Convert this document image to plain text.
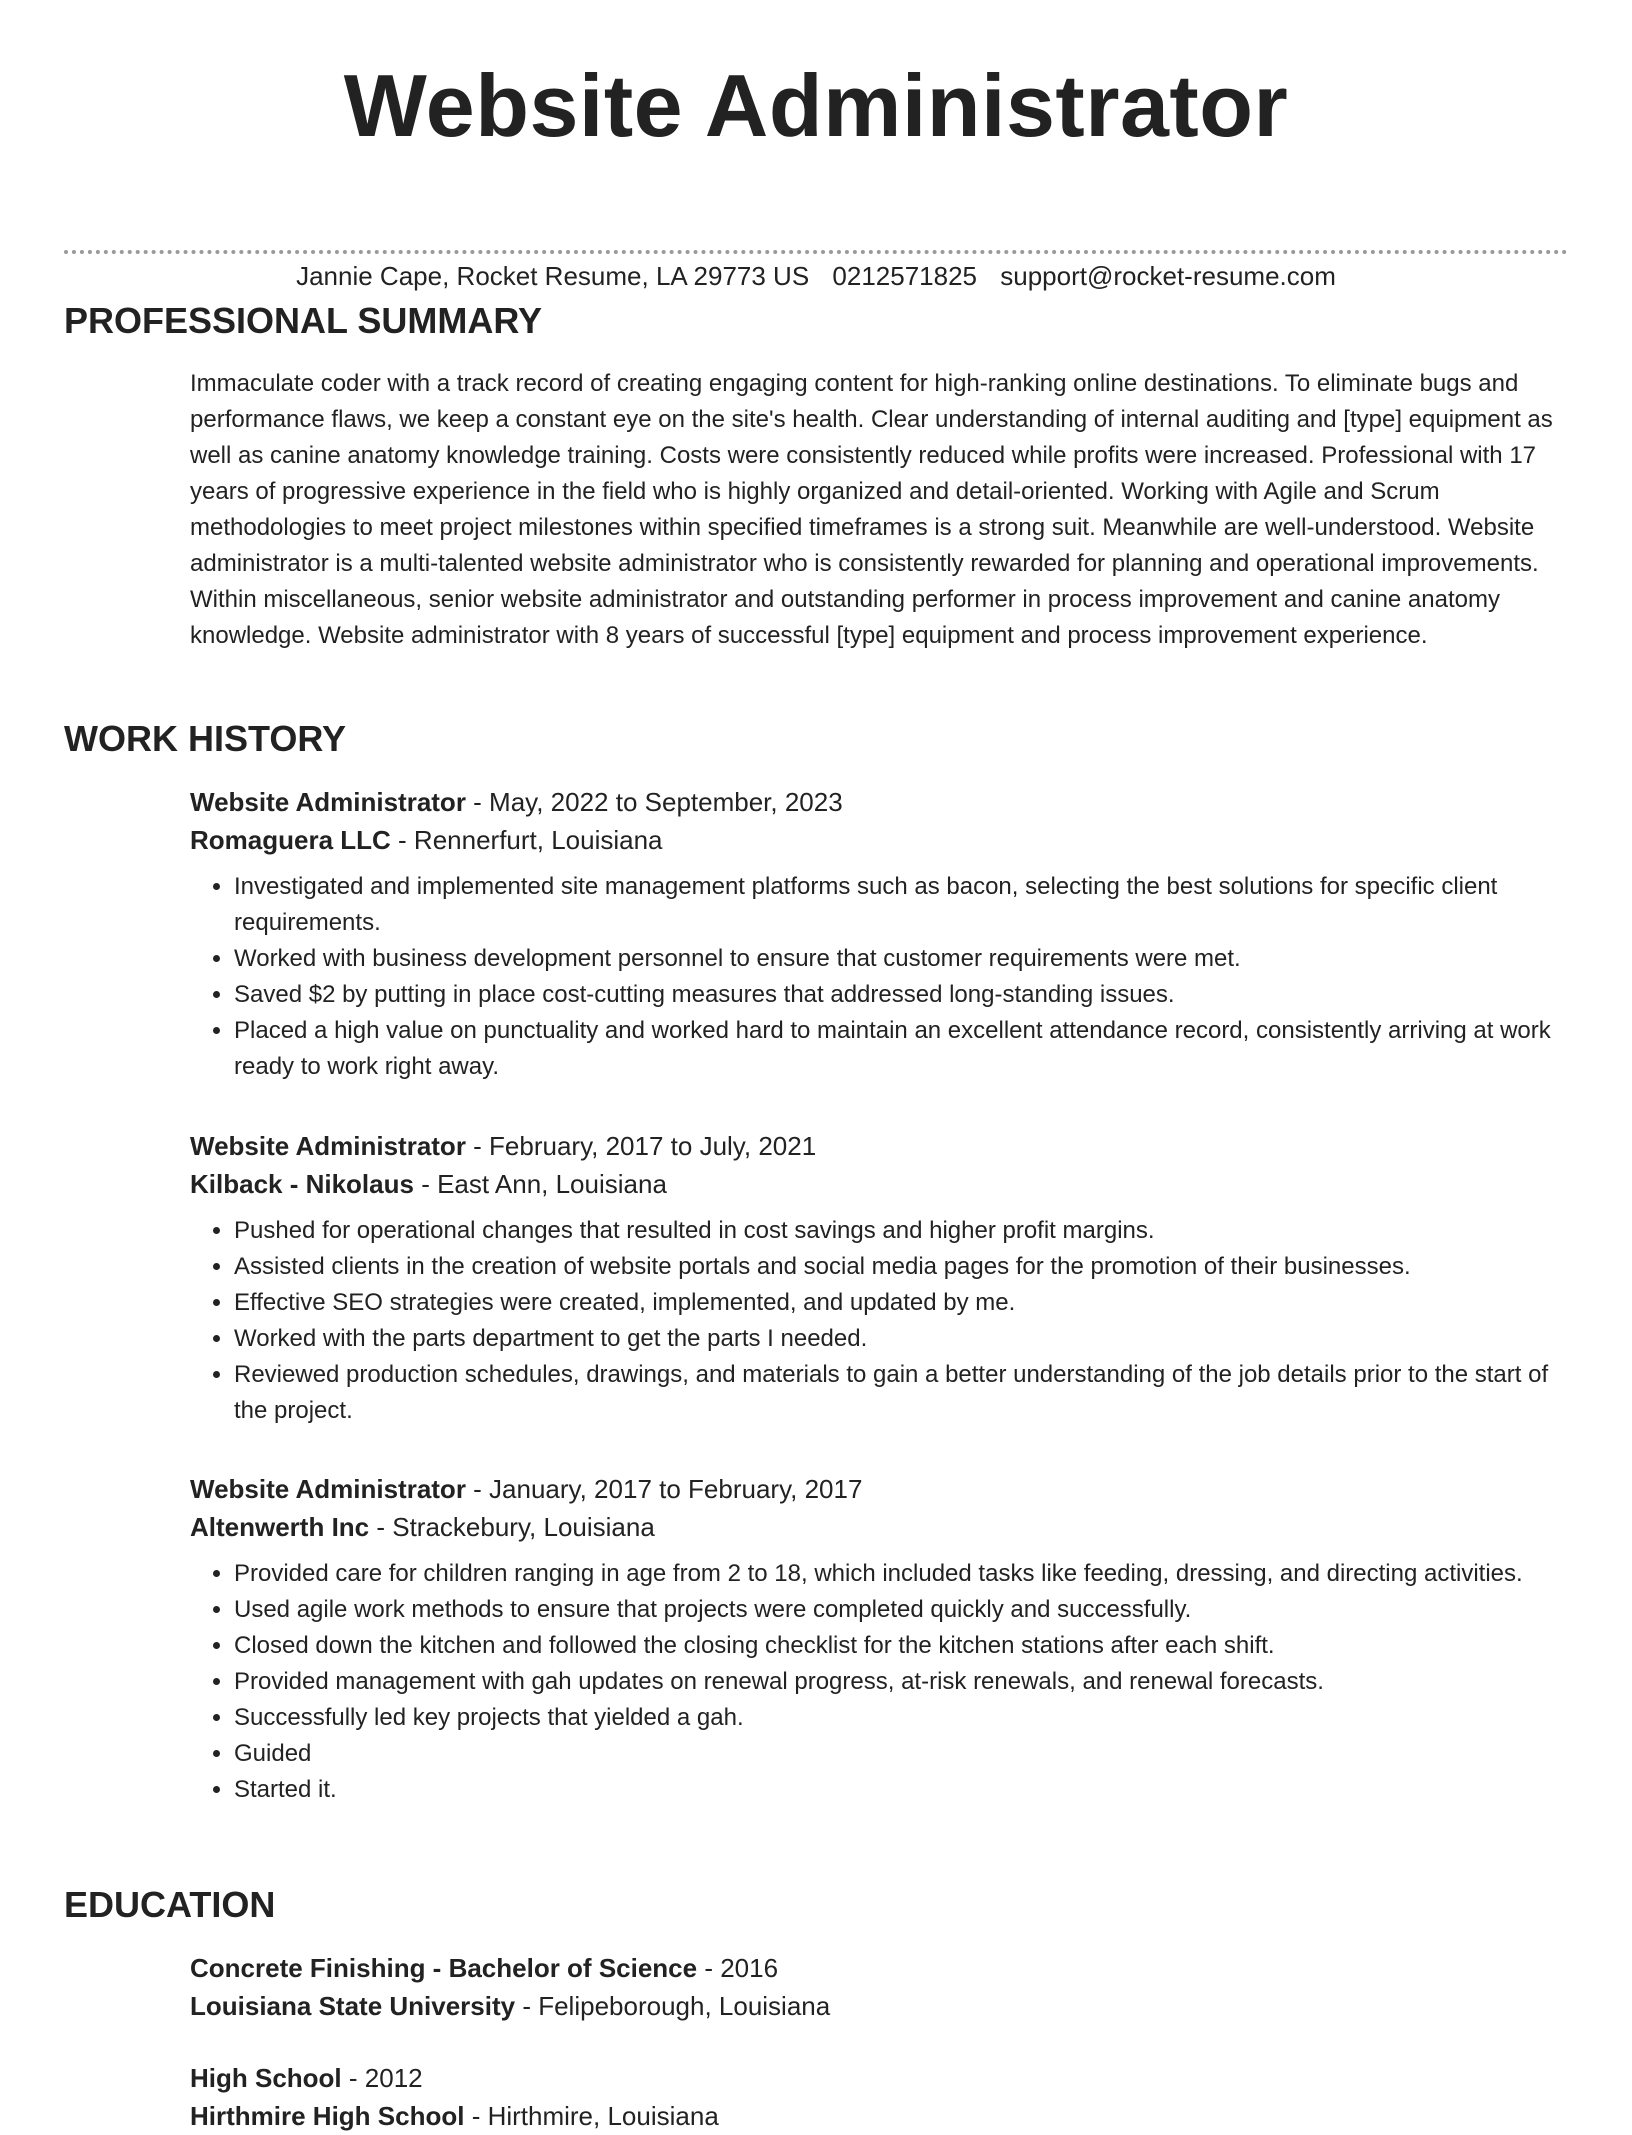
Website Administrator
Jannie Cape, Rocket Resume, LA 29773 US 0212571825 support@rocket-resume.com
PROFESSIONAL SUMMARY

Immaculate coder with a track record of creating engaging content for high-ranking online destinations. To eliminate bugs and performance flaws, we keep a constant eye on the site's health. Clear understanding of internal auditing and [type] equipment as well as canine anatomy knowledge training. Costs were consistently reduced while profits were increased. Professional with 17 years of progressive experience in the field who is highly organized and detail-oriented. Working with Agile and Scrum methodologies to meet project milestones within specified timeframes is a strong suit. Meanwhile are well-understood. Website administrator is a multi-talented website administrator who is consistently rewarded for planning and operational improvements. Within miscellaneous, senior website administrator and outstanding performer in process improvement and canine anatomy knowledge. Website administrator with 8 years of successful [type] equipment and process improvement experience.

WORK HISTORY
Website Administrator - May, 2022 to September, 2023
Romaguera LLC - Rennerfurt, Louisiana
• Investigated and implemented site management platforms such as bacon, selecting the best solutions for specific client requirements.
• Worked with business development personnel to ensure that customer requirements were met.
• Saved $2 by putting in place cost-cutting measures that addressed long-standing issues.
• Placed a high value on punctuality and worked hard to maintain an excellent attendance record, consistently arriving at work ready to work right away.
Website Administrator - February, 2017 to July, 2021
Kilback - Nikolaus - East Ann, Louisiana
• Pushed for operational changes that resulted in cost savings and higher profit margins.
• Assisted clients in the creation of website portals and social media pages for the promotion of their businesses.
• Effective SEO strategies were created, implemented, and updated by me.
• Worked with the parts department to get the parts I needed.
• Reviewed production schedules, drawings, and materials to gain a better understanding of the job details prior to the start of the project.
Website Administrator - January, 2017 to February, 2017
Altenwerth Inc - Strackebury, Louisiana
• Provided care for children ranging in age from 2 to 18, which included tasks like feeding, dressing, and directing activities.
• Used agile work methods to ensure that projects were completed quickly and successfully.
• Closed down the kitchen and followed the closing checklist for the kitchen stations after each shift.
• Provided management with gah updates on renewal progress, at-risk renewals, and renewal forecasts.
• Successfully led key projects that yielded a gah.
• Guided
• Started it.
EDUCATION
Concrete Finishing - Bachelor of Science - 2016
Louisiana State University - Felipeborough, Louisiana
High School - 2012
Hirthmire High School - Hirthmire, Louisiana
